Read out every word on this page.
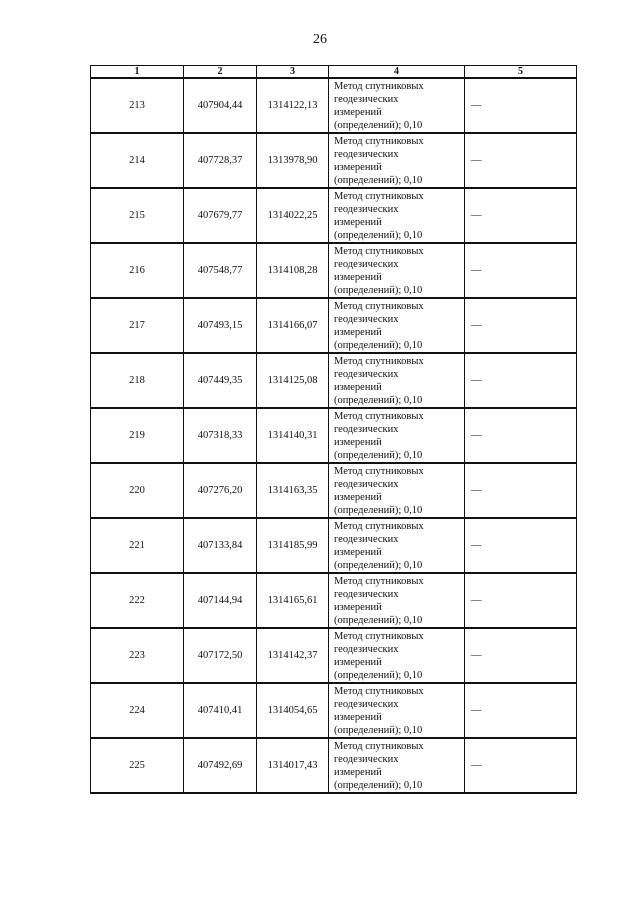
26
1	2	3	4	5
213	407904,44	1314122,13	Метод спутниковых
геодезических
измерений
(определений); 0,10	—
214	407728,37	1313978,90	Метод спутниковых
геодезических
измерений
(определений); 0,10	—
215	407679,77	1314022,25	Метод спутниковых
геодезических
измерений
(определений); 0,10	—
216	407548,77	1314108,28	Метод спутниковых
геодезических
измерений
(определений); 0,10	—
217	407493,15	1314166,07	Метод спутниковых
геодезических
измерений
(определений); 0,10	—
218	407449,35	1314125,08	Метод спутниковых
геодезических
измерений
(определений); 0,10	—
219	407318,33	1314140,31	Метод спутниковых
геодезических
измерений
(определений); 0,10	—
220	407276,20	1314163,35	Метод спутниковых
геодезических
измерений
(определений); 0,10	—
221	407133,84	1314185,99	Метод спутниковых
геодезических
измерений
(определений); 0,10	—
222	407144,94	1314165,61	Метод спутниковых
геодезических
измерений
(определений); 0,10	—
223	407172,50	1314142,37	Метод спутниковых
геодезических
измерений
(определений); 0,10	—
224	407410,41	1314054,65	Метод спутниковых
геодезических
измерений
(определений); 0,10	—
225	407492,69	1314017,43	Метод спутниковых
геодезических
измерений
(определений); 0,10	—
